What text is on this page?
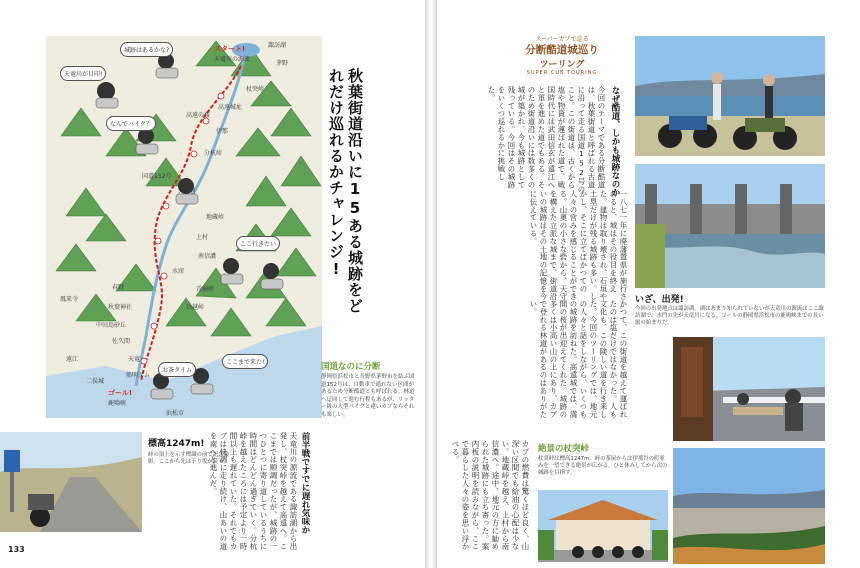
スタート!
天竜川の源流
ゴール!
鹿鳴峡
諏訪湖
茅野
杖突峠
高遠城址
伊那
高遠の桜
分杭峠
地蔵峠
兵越峠
水窪
国道152号
佐久間
大鹿村
上村
南信濃
青崩峠
浜松市
天竜
中田島砂丘
遠江
鳳来寺
秋葉神社
春野
船明ダム
二俣城
天竜川が目印!
城跡はあるかな?
なんでバイク？
ここ行きたい
ここまで来た!
お茶タイム
秋葉街道沿いに15ある城跡をどれだけ巡れるかチャレンジ!
国道なのに分断
静岡県浜松市と長野県茅野市を結ぶ国道152号は、自動車で通れない区間があるため分断酷道とも呼ばれる。林道へ迂回して進む行程もあるが、リッター級の大型バイクと違いカブならそれも楽しい。
標高1247m!
峠の頂上を示す標識の前で記念撮影。ここから先は下り坂が続く。	前半戦ですでに遅れ気味か
天竜川の源流である諏訪湖から出発し、杖突峠を越えて高遠へ。ここまでは順調だったが、城跡の一つひとつに寄り道しているうちに時間はどんどん過ぎていく。分杭峠を越えたころには予定より一時間以上も遅れていた。それでもカブは快調に走り続け、山あいの道を南へと進んだ。
133
スーパーカブで巡る
分断酷道城巡り
ツーリング
SUPER CUB TOURING
なぜ酷道、しかも城跡なのか
今回のテーマである分断酷道は、秋葉街道と呼ばれる古道に沿って走る国道152号のこと。この街道は、古くから塩や物資が運ばれた道で、戦国時代には武田信玄が遠江へと軍を進めた道でもある。そのため街道沿いには数多くの城が築かれ、今も城跡として残っている。今回はその城跡をいくつ巡れるかに挑戦した。
一八七一年に廃藩置県が施行されると、城はその役目を終えた。建物は取り壊され、石垣や土塁だけが残る城跡も多い。しかし、そこに立てばかつての人々の営みを感じることができる。山奥の小さな砦から、天守を構えた立派な城まで、街道沿いの城跡はその土地の記憶を今に伝えている。
かつて、この街道を越えて運ばれたのは塩だけではなかった。人も文化も、この険しい道を行き来した。今回のツーリングでは、地元の人々と話をしながら、いくつもの城跡を訪ねた。高遠城では、満開の桜が出迎えてくれた。城跡の多くは小高い山の上にあり、カブで登れる林道があるのはありがたい。
カブの燃費は驚くほど良く、山深い区間でも給油の心配は少ない。地蔵峠を越え、上村から南信濃へ。途中、地元の方に勧められた城跡にも立ち寄った。案内板の説明を読みながら、ここで暮らした人々の姿を思い浮かべる。
いざ、出発!
今回の出発地点は諏訪湖。湖はあまり知られていないが天竜川の源流はここ諏訪湖で、水門の先が天竜川になる。ゴールの静岡県浜松市の鹿鳴峡までの長い旅の始まりだ。
杖突峠
絶景の杖突峠
杖突峠は標高1247m。峠の茶屋からは伊那谷の町並みを一望できる絶景が広がる。ひと休みしてから次の城跡を目指す。
